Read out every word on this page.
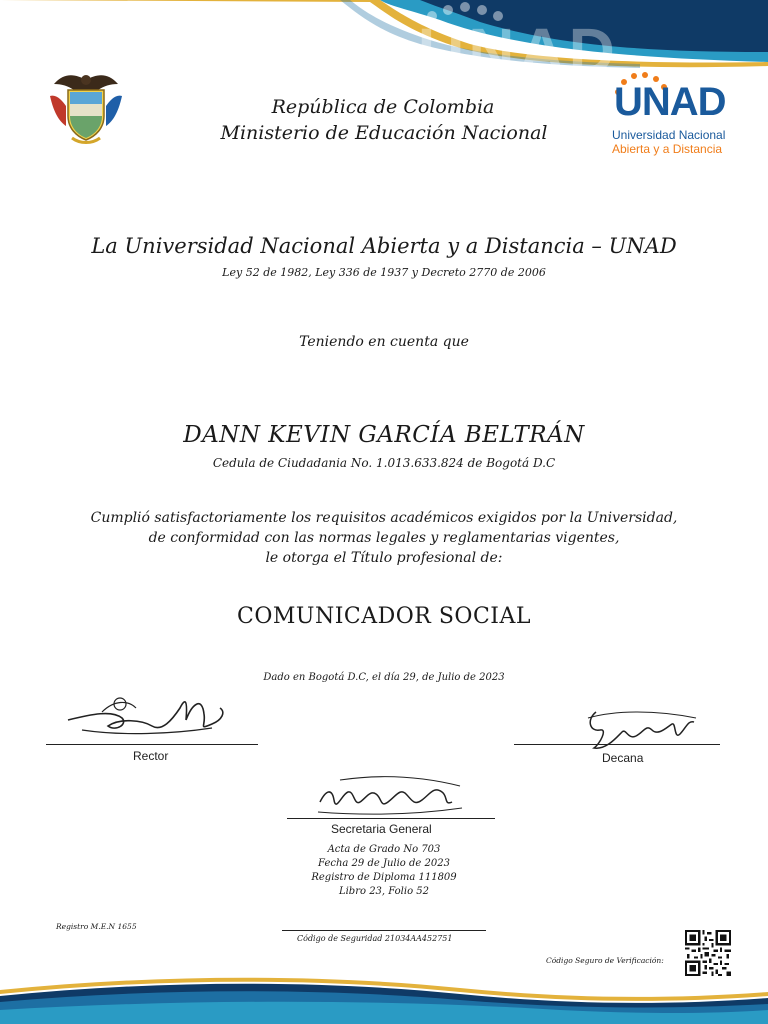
UNAD
República de Colombia
Ministerio de Educación Nacional
UNAD
Universidad Nacional
Abierta y a Distancia
La Universidad Nacional Abierta y a Distancia – UNAD
Ley 52 de 1982, Ley 336 de 1937 y Decreto 2770 de 2006
Teniendo en cuenta que
DANN KEVIN GARCÍA BELTRÁN
Cedula de Ciudadania No. 1.013.633.824 de Bogotá D.C
Cumplió satisfactoriamente los requisitos académicos exigidos por la Universidad,
de conformidad con las normas legales y reglamentarias vigentes,
le otorga el Título profesional de:
COMUNICADOR SOCIAL
Dado en Bogotá D.C, el día 29, de Julio de 2023
Rector	Decana
Secretaria General
Acta de Grado No 703
Fecha 29 de Julio de 2023
Registro de Diploma 111809
Libro 23, Folio 52
Registro M.E.N 1655
Código de Seguridad 21034AA452751
Código Seguro de Verificación:
